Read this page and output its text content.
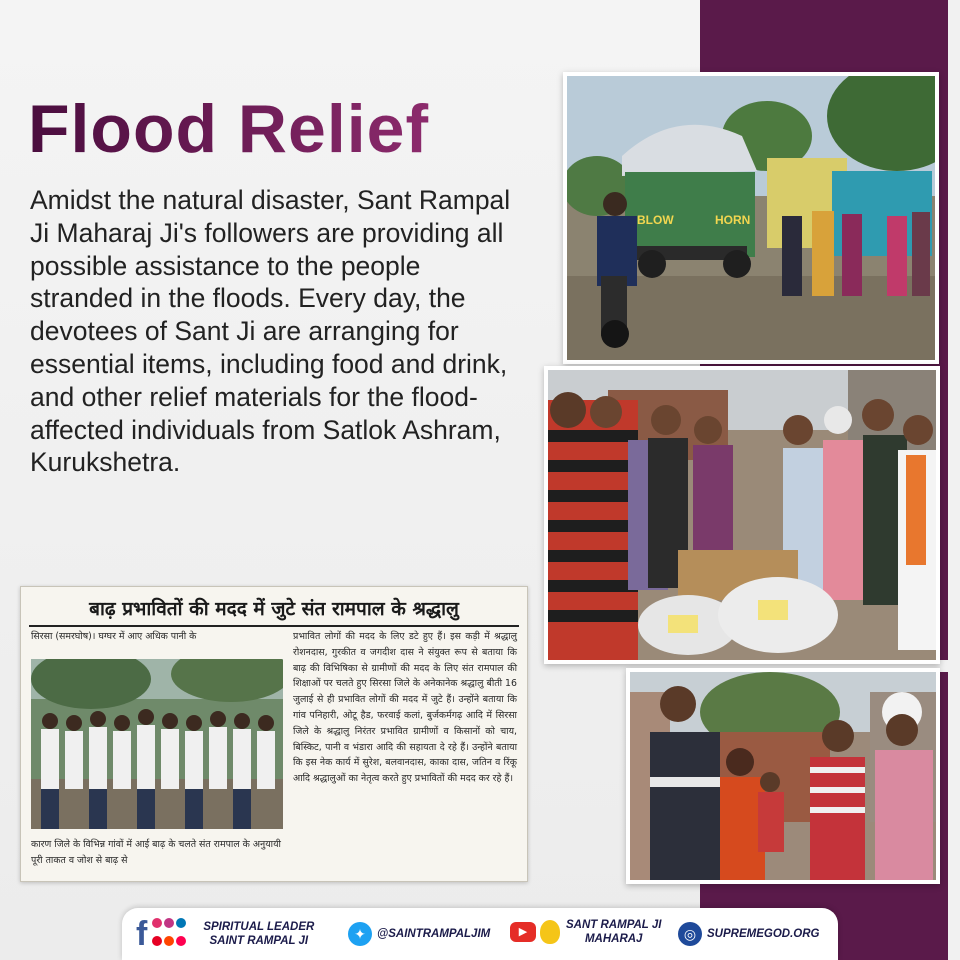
Flood Relief

Amidst the natural disaster, Sant Rampal Ji Maharaj Ji's followers are providing all possible assistance to the people stranded in the floods. Every day, the devotees of Sant Ji are arranging for essential items, including food and drink, and other relief materials for the flood-affected individuals from Satlok Ashram, Kurukshetra.

BLOW	HORN
बाढ़ प्रभावितों की मदद में जुटे संत रामपाल के श्रद्धालु

सिरसा (समरघोष)। घग्घर में आए अधिक पानी के

कारण जिले के विभिन्न गांवों में आई बाढ़ के चलते संत रामपाल के अनुयायी पूरी ताकत व जोश से बाढ़ से

प्रभावित लोगों की मदद के लिए डटे हुए हैं। इस कड़ी में श्रद्धालु रोशनदास, गुरकीत व जगदीश दास ने संयुक्त रूप से बताया कि बाढ़ की विभिषिका से ग्रामीणों की मदद के लिए संत रामपाल की शिक्षाओं पर चलते हुए सिरसा जिले के अनेकानेक श्रद्धालु बीती 16 जुलाई से ही प्रभावित लोगों की मदद में जुटे हैं। उन्होंने बताया कि गांव पनिहारी, ओटू हैड, फरवाई कलां, बुर्जकर्मगढ़ आदि में सिरसा जिले के श्रद्धालु निरंतर प्रभावित ग्रामीणों व किसानों को चाय, बिस्किट, पानी व भंडारा आदि की सहायता दे रहे हैं। उन्होंने बताया कि इस नेक कार्य में सुरेश, बलवानदास, काका दास, जतिन व रिंकू आदि श्रद्धालुओं का नेतृत्व करते हुए प्रभावितों की मदद कर रहे हैं।

f	SPIRITUAL LEADER
SAINT RAMPAL JI	✦ @SAINTRAMPALJIM	▶
SANT RAMPAL JI
MAHARAJ	◎ SUPREMEGOD.ORG
